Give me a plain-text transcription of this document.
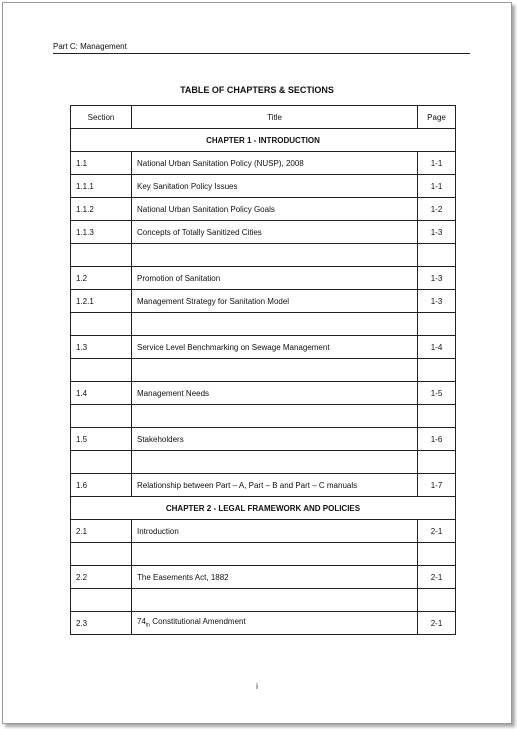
Part C: Management
TABLE OF CHAPTERS & SECTIONS
Section	Title	Page
CHAPTER 1 - INTRODUCTION		
1.1	National Urban Sanitation Policy (NUSP), 2008	1-1
1.1.1	Key Sanitation Policy Issues	1-1
1.1.2	National Urban Sanitation Policy Goals	1-2
1.1.3	Concepts of Totally Sanitized Cities	1-3

1.2	Promotion of Sanitation	1-3
1.2.1	Management Strategy for Sanitation Model	1-3

1.3	Service Level Benchmarking on Sewage Management	1-4

1.4	Management Needs	1-5

1.5	Stakeholders	1-6

1.6	Relationship between Part – A, Part – B and Part – C manuals	1-7
CHAPTER 2 - LEGAL FRAMEWORK AND POLICIES		
2.1	Introduction	2-1

2.2	The Easements Act, 1882	2-1

2.3	$74_{th}$ Constitutional Amendment	2-1
i
